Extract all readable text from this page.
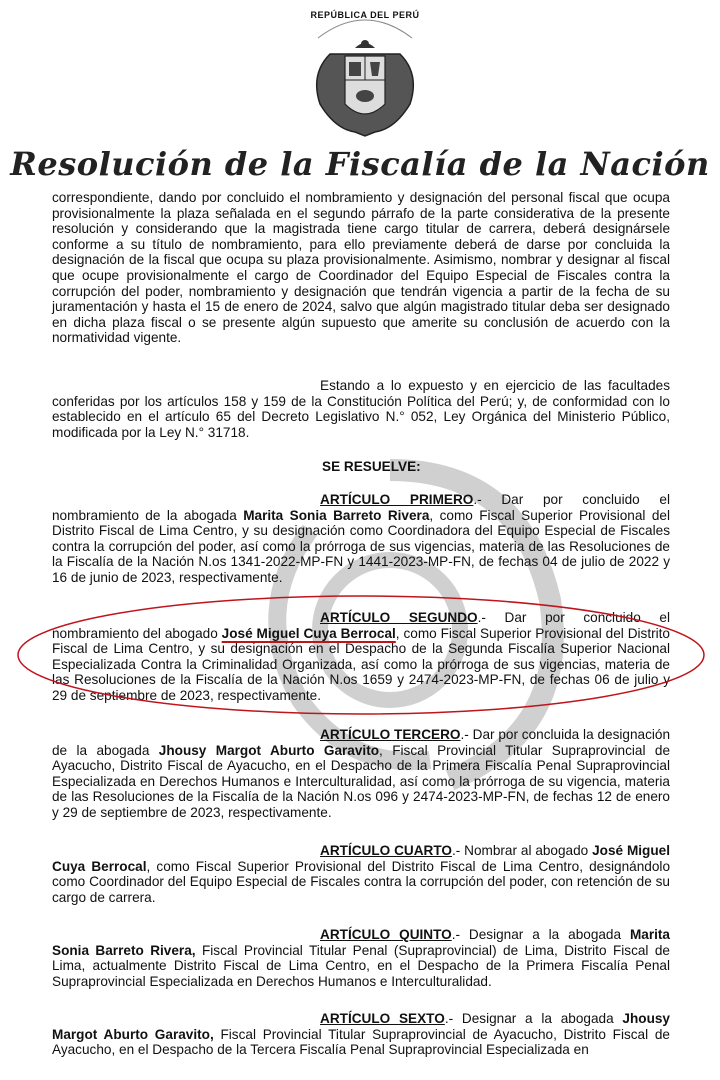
REPÚBLICA DEL PERÚ
Resolución de la Fiscalía de la Nación

correspondiente, dando por concluido el nombramiento y designación del personal fiscal que ocupa provisionalmente la plaza señalada en el segundo párrafo de la parte considerativa de la presente resolución y considerando que la magistrada tiene cargo titular de carrera, deberá designársele conforme a su título de nombramiento, para ello previamente deberá de darse por concluida la designación de la fiscal que ocupa su plaza provisionalmente. Asimismo, nombrar y designar al fiscal que ocupe provisionalmente el cargo de Coordinador del Equipo Especial de Fiscales contra la corrupción del poder, nombramiento y designación que tendrán vigencia a partir de la fecha de su juramentación y hasta el 15 de enero de 2024, salvo que algún magistrado titular deba ser designado en dicha plaza fiscal o se presente algún supuesto que amerite su conclusión de acuerdo con la normatividad vigente.

Estando a lo expuesto y en ejercicio de las facultades conferidas por los artículos 158 y 159 de la Constitución Política del Perú; y, de conformidad con lo establecido en el artículo 65 del Decreto Legislativo N.° 052, Ley Orgánica del Ministerio Público, modificada por la Ley N.° 31718.

SE RESUELVE:

ARTÍCULO PRIMERO.- Dar por concluido el nombramiento de la abogada Marita Sonia Barreto Rivera, como Fiscal Superior Provisional del Distrito Fiscal de Lima Centro, y su designación como Coordinadora del Equipo Especial de Fiscales contra la corrupción del poder, así como la prórroga de sus vigencias, materia de las Resoluciones de la Fiscalía de la Nación N.os 1341-2022-MP-FN y 1441-2023-MP-FN, de fechas 04 de julio de 2022 y 16 de junio de 2023, respectivamente.

ARTÍCULO SEGUNDO.- Dar por concluido el nombramiento del abogado José Miguel Cuya Berrocal, como Fiscal Superior Provisional del Distrito Fiscal de Lima Centro, y su designación en el Despacho de la Segunda Fiscalía Superior Nacional Especializada Contra la Criminalidad Organizada, así como la prórroga de sus vigencias, materia de las Resoluciones de la Fiscalía de la Nación N.os 1659 y 2474-2023-MP-FN, de fechas 06 de julio y 29 de septiembre de 2023, respectivamente.

ARTÍCULO TERCERO.- Dar por concluida la designación de la abogada Jhousy Margot Aburto Garavito, Fiscal Provincial Titular Supraprovincial de Ayacucho, Distrito Fiscal de Ayacucho, en el Despacho de la Primera Fiscalía Penal Supraprovincial Especializada en Derechos Humanos e Interculturalidad, así como la prórroga de su vigencia, materia de las Resoluciones de la Fiscalía de la Nación N.os 096 y 2474-2023-MP-FN, de fechas 12 de enero y 29 de septiembre de 2023, respectivamente.

ARTÍCULO CUARTO.- Nombrar al abogado José Miguel Cuya Berrocal, como Fiscal Superior Provisional del Distrito Fiscal de Lima Centro, designándolo como Coordinador del Equipo Especial de Fiscales contra la corrupción del poder, con retención de su cargo de carrera.

ARTÍCULO QUINTO.- Designar a la abogada Marita Sonia Barreto Rivera, Fiscal Provincial Titular Penal (Supraprovincial) de Lima, Distrito Fiscal de Lima, actualmente Distrito Fiscal de Lima Centro, en el Despacho de la Primera Fiscalía Penal Supraprovincial Especializada en Derechos Humanos e Interculturalidad.

ARTÍCULO SEXTO.- Designar a la abogada Jhousy Margot Aburto Garavito, Fiscal Provincial Titular Supraprovincial de Ayacucho, Distrito Fiscal de Ayacucho, en el Despacho de la Tercera Fiscalía Penal Supraprovincial Especializada en
